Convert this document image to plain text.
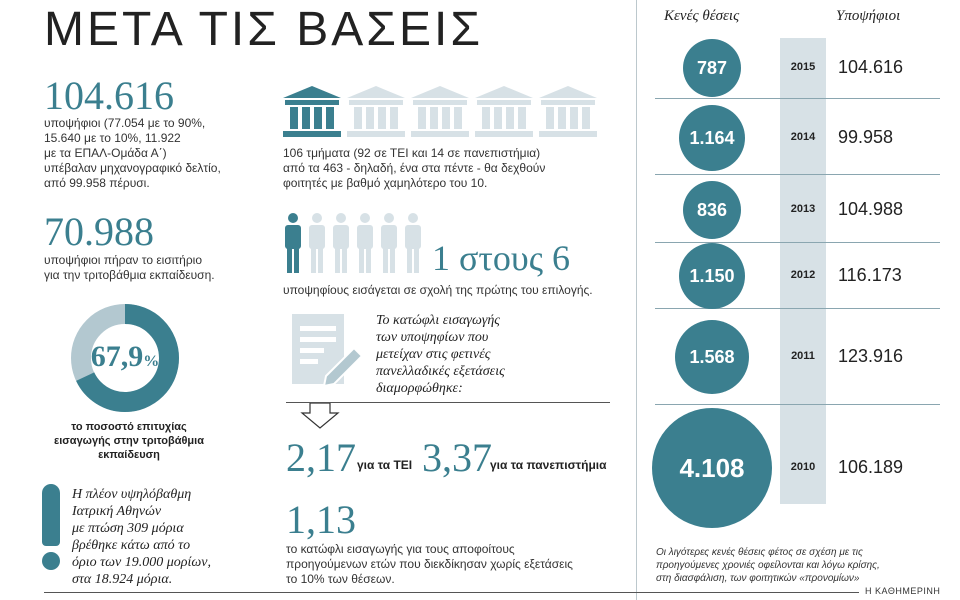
ΜΕΤΑ ΤΙΣ ΒΑΣΕΙΣ
104.616
υποψήφιοι (77.054 με το 90%,
15.640 με το 10%, 11.922
με τα ΕΠΑΛ-Ομάδα Α΄)
υπέβαλαν μηχανογραφικό δελτίο,
από 99.958 πέρυσι.
70.988
υποψήφιοι πήραν το εισιτήριο
για την τριτοβάθμια εκπαίδευση.
67,9%
το ποσοστό επιτυχίας
εισαγωγής στην τριτοβάθμια
εκπαίδευση
Η πλέον υψηλόβαθμη
Ιατρική Αθηνών
με πτώση 309 μόρια
βρέθηκε κάτω από το
όριο των 19.000 μορίων,
στα 18.924 μόρια.
106 τμήματα (92 σε ΤΕΙ και 14 σε πανεπιστήμια)
από τα 463 - δηλαδή, ένα στα πέντε - θα δεχθούν
φοιτητές με βαθμό χαμηλότερο του 10.
1 στους 6
υποψηφίους εισάγεται σε σχολή της πρώτης του επιλογής.
Το κατώφλι εισαγωγής
των υποψηφίων που
μετείχαν στις φετινές
πανελλαδικές εξετάσεις
διαμορφώθηκε:
2,17 για τα ΤΕΙ 3,37
για τα πανεπιστήμια
1,13
το κατώφλι εισαγωγής για τους αποφοίτους
προηγούμενων ετών που διεκδίκησαν χωρίς εξετάσεις
το 10% των θέσεων.
Κενές θέσεις	Υποψήφιοι
787	2015	104.616
1.164	2014	99.958
836	2013	104.988
1.150	2012	116.173
1.568	2011	123.916
4.108	2010	106.189
Οι λιγότερες κενές θέσεις φέτος σε σχέση με τις
προηγούμενες χρονιές οφείλονται και λόγω κρίσης,
στη διασφάλιση, των φοιτητικών «προνομίων»
Η ΚΑΘΗΜΕΡΙΝΗ
